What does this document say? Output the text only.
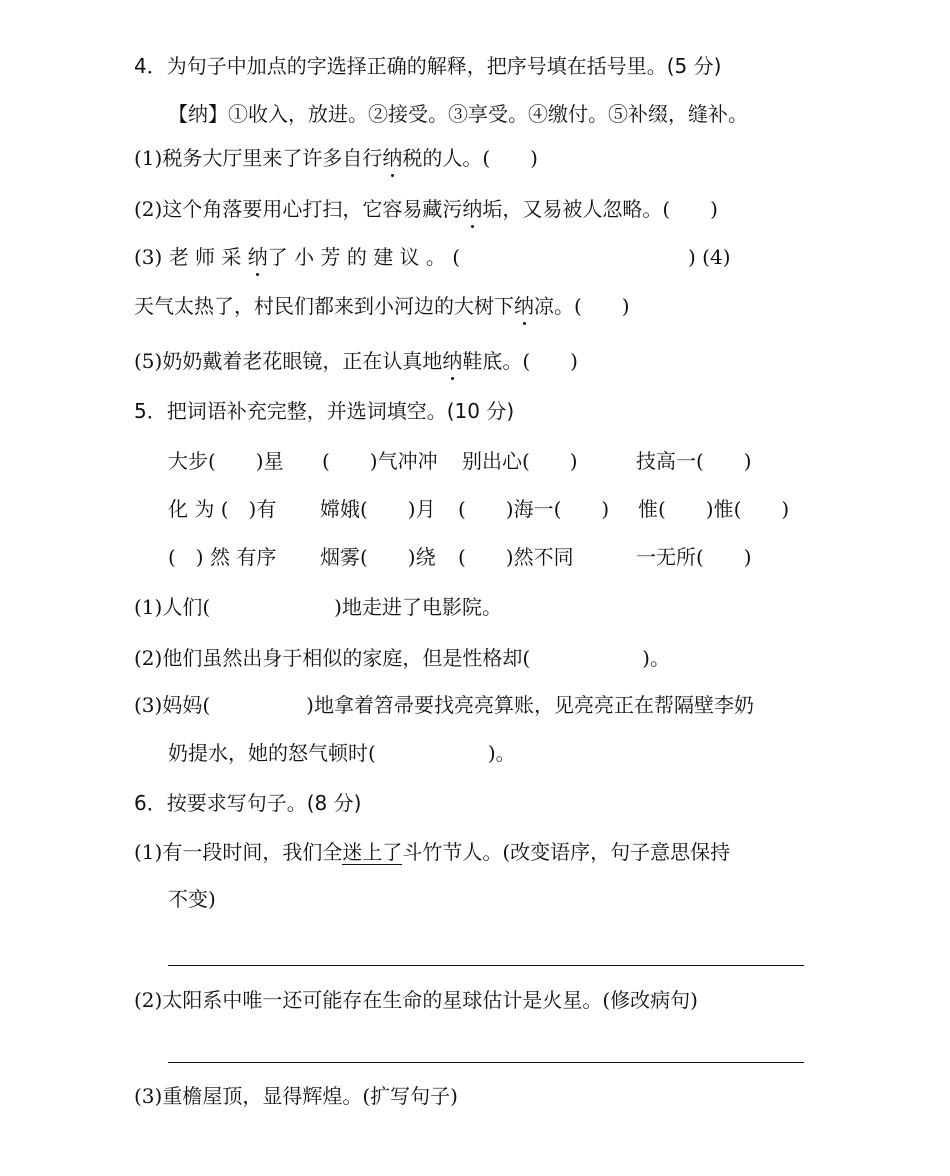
4．为句子中加点的字选择正确的解释，把序号填在括号里。(5 分)
【纳】①收入，放进。②接受。③享受。④缴付。⑤补缀，缝补。
(1)税务大厅里来了许多自行纳税的人。(　　)
(2)这个角落要用心打扫，它容易藏污纳垢，又易被人忽略。(　　)
(3) 老 师 采 纳了 小 芳 的 建 议 。 (	) (4)
天气太热了，村民们都来到小河边的大树下纳凉。(　　)
(5)奶奶戴着老花眼镜，正在认真地纳鞋底。(　　)
5．把词语补充完整，并选词填空。(10 分)
大步(　　)星 (　　)气冲冲 别出心(　　)	技高一(　　)
化 为 (　)有 嫦娥(　　)月 (　　)海一(　　) 惟(　　)惟(　　)
(　) 然 有序 烟雾(　　)绕 (　　)然不同	一无所(　　)
(1)人们(	)地走进了电影院。
(2)他们虽然出身于相似的家庭，但是性格却(	)。
(3)妈妈(	)地拿着笤帚要找亮亮算账，见亮亮正在帮隔壁李奶
奶提水，她的怒气顿时(	)。
6．按要求写句子。(8 分)
(1)有一段时间，我们全迷上了斗竹节人。(改变语序，句子意思保持
不变)
(2)太阳系中唯一还可能存在生命的星球估计是火星。(修改病句)
(3)重檐屋顶，显得辉煌。(扩写句子)
